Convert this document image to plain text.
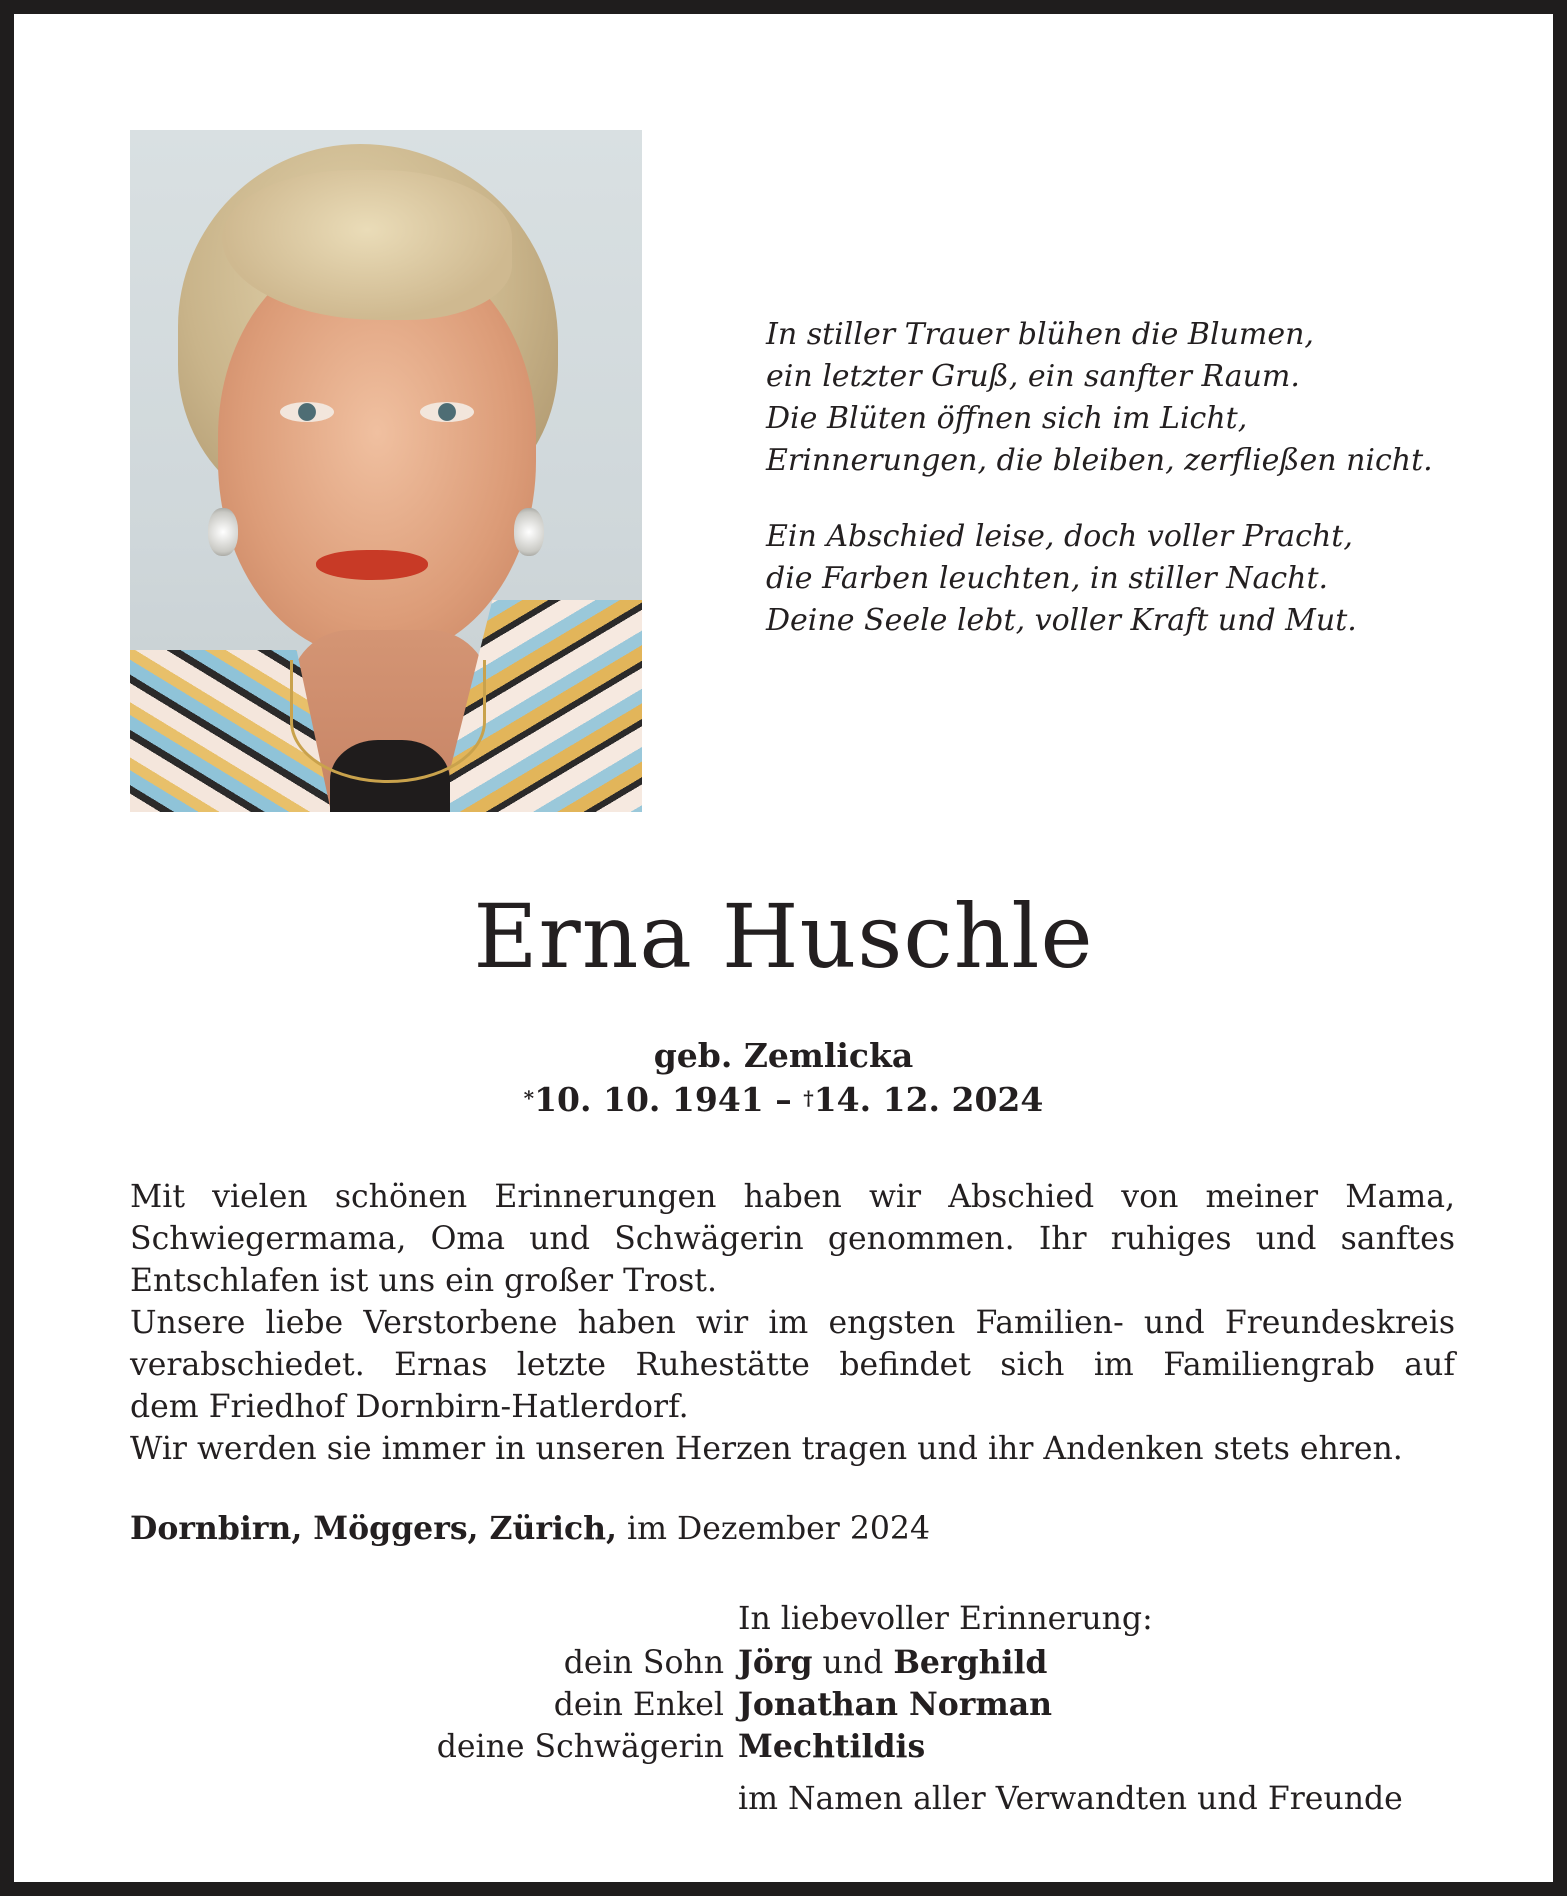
In stiller Trauer blühen die Blumen,
ein letzter Gruß, ein sanfter Raum.
Die Blüten öffnen sich im Licht,
Erinnerungen, die bleiben, zerfließen nicht.
Ein Abschied leise, doch voller Pracht,
die Farben leuchten, in stiller Nacht.
Deine Seele lebt, voller Kraft und Mut.
Erna Huschle
geb. Zemlicka
*10. 10. 1941 – †14. 12. 2024

Mit vielen schönen Erinnerungen haben wir Abschied von meiner Mama,

Schwiegermama, Oma und Schwägerin genommen. Ihr ruhiges und sanftes

Entschlafen ist uns ein großer Trost.

Unsere liebe Verstorbene haben wir im engsten Familien- und Freundeskreis

verabschiedet. Ernas letzte Ruhestätte befindet sich im Familiengrab auf

dem Friedhof Dornbirn-Hatlerdorf.

Wir werden sie immer in unseren Herzen tragen und ihr Andenken stets ehren.

Dornbirn, Möggers, Zürich, im Dezember 2024
In liebevoller Erinnerung:
dein Sohn Jörg und Berghild
dein Enkel Jonathan Norman
deine Schwägerin Mechtildis
im Namen aller Verwandten und Freunde
